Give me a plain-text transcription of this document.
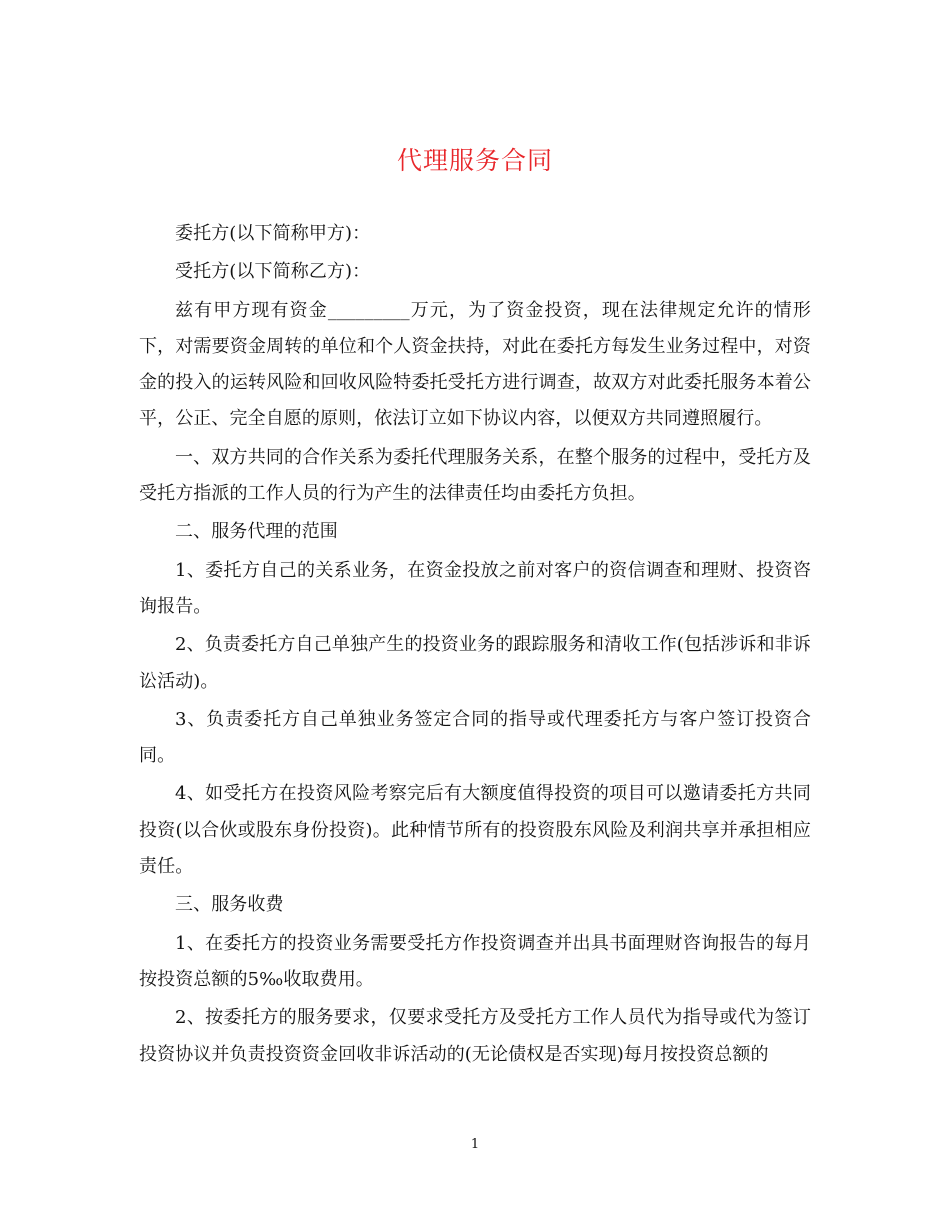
代理服务合同

委托方(以下简称甲方)：

受托方(以下简称乙方)：

兹有甲方现有资金_________万元，为了资金投资，现在法律规定允许的情形下，对需要资金周转的单位和个人资金扶持，对此在委托方每发生业务过程中，对资金的投入的运转风险和回收风险特委托受托方进行调查，故双方对此委托服务本着公平，公正、完全自愿的原则，依法订立如下协议内容，以便双方共同遵照履行。

一、双方共同的合作关系为委托代理服务关系，在整个服务的过程中，受托方及受托方指派的工作人员的行为产生的法律责任均由委托方负担。

二、服务代理的范围

1、委托方自己的关系业务，在资金投放之前对客户的资信调查和理财、投资咨询报告。

2、负责委托方自己单独产生的投资业务的跟踪服务和清收工作(包括涉诉和非诉讼活动)。

3、负责委托方自己单独业务签定合同的指导或代理委托方与客户签订投资合同。

4、如受托方在投资风险考察完后有大额度值得投资的项目可以邀请委托方共同投资(以合伙或股东身份投资)。此种情节所有的投资股东风险及利润共享并承担相应责任。

三、服务收费

1、在委托方的投资业务需要受托方作投资调查并出具书面理财咨询报告的每月按投资总额的5‰收取费用。

2、按委托方的服务要求，仅要求受托方及受托方工作人员代为指导或代为签订投资协议并负责投资资金回收非诉活动的(无论债权是否实现)每月按投资总额的

1
